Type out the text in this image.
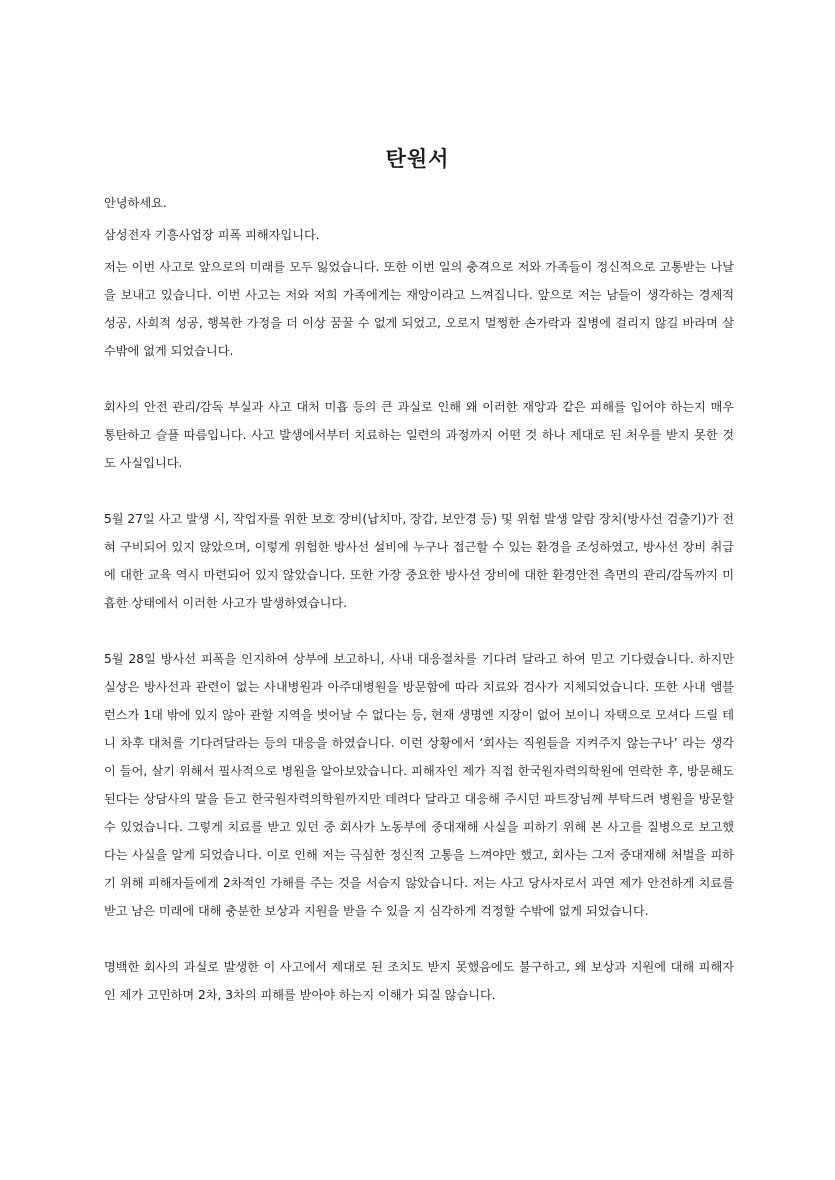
탄원서

안녕하세요.

삼성전자 기흥사업장 피폭 피해자입니다.

저는 이번 사고로 앞으로의 미래를 모두 잃었습니다. 또한 이번 일의 충격으로 저와 가족들이 정신적으로 고통받는 나날을 보내고 있습니다. 이번 사고는 저와 저희 가족에게는 재앙이라고 느껴집니다. 앞으로 저는 남들이 생각하는 경제적 성공, 사회적 성공, 행복한 가정을 더 이상 꿈꿀 수 없게 되었고, 오로지 멀쩡한 손가락과 질병에 걸리지 않길 바라며 살 수밖에 없게 되었습니다.

회사의 안전 관리/감독 부실과 사고 대처 미흡 등의 큰 과실로 인해 왜 이러한 재앙과 같은 피해를 입어야 하는지 매우 통탄하고 슬플 따름입니다. 사고 발생에서부터 치료하는 일련의 과정까지 어떤 것 하나 제대로 된 처우를 받지 못한 것도 사실입니다.

5월 27일 사고 발생 시, 작업자를 위한 보호 장비(납치마, 장갑, 보안경 등) 및 위험 발생 알람 장치(방사선 검출기)가 전혀 구비되어 있지 않았으며, 이렇게 위험한 방사선 설비에 누구나 접근할 수 있는 환경을 조성하였고, 방사선 장비 취급에 대한 교육 역시 마련되어 있지 않았습니다. 또한 가장 중요한 방사선 장비에 대한 환경안전 측면의 관리/감독까지 미흡한 상태에서 이러한 사고가 발생하였습니다.

5월 28일 방사선 피폭을 인지하여 상부에 보고하니, 사내 대응절차를 기다려 달라고 하여 믿고 기다렸습니다. 하지만 실상은 방사선과 관련이 없는 사내병원과 아주대병원을 방문함에 따라 치료와 검사가 지체되었습니다. 또한 사내 앰블런스가 1대 밖에 있지 않아 관할 지역을 벗어날 수 없다는 등, 현재 생명엔 지장이 없어 보이니 자택으로 모셔다 드릴 테니 차후 대처를 기다려달라는 등의 대응을 하였습니다. 이런 상황에서 ‘회사는 직원들을 지켜주지 않는구나’ 라는 생각이 들어, 살기 위해서 필사적으로 병원을 알아보았습니다. 피해자인 제가 직접 한국원자력의학원에 연락한 후, 방문해도 된다는 상담사의 말을 듣고 한국원자력의학원까지만 데려다 달라고 대응해 주시던 파트장님께 부탁드려 병원을 방문할 수 있었습니다. 그렇게 치료를 받고 있던 중 회사가 노동부에 중대재해 사실을 피하기 위해 본 사고를 질병으로 보고했다는 사실을 알게 되었습니다. 이로 인해 저는 극심한 정신적 고통을 느껴야만 했고, 회사는 그저 중대재해 처벌을 피하기 위해 피해자들에게 2차적인 가해를 주는 것을 서슴지 않았습니다. 저는 사고 당사자로서 과연 제가 안전하게 치료를 받고 남은 미래에 대해 충분한 보상과 지원을 받을 수 있을 지 심각하게 걱정할 수밖에 없게 되었습니다.

명백한 회사의 과실로 발생한 이 사고에서 제대로 된 조치도 받지 못했음에도 불구하고, 왜 보상과 지원에 대해 피해자인 제가 고민하며 2차, 3차의 피해를 받아야 하는지 이해가 되질 않습니다.
